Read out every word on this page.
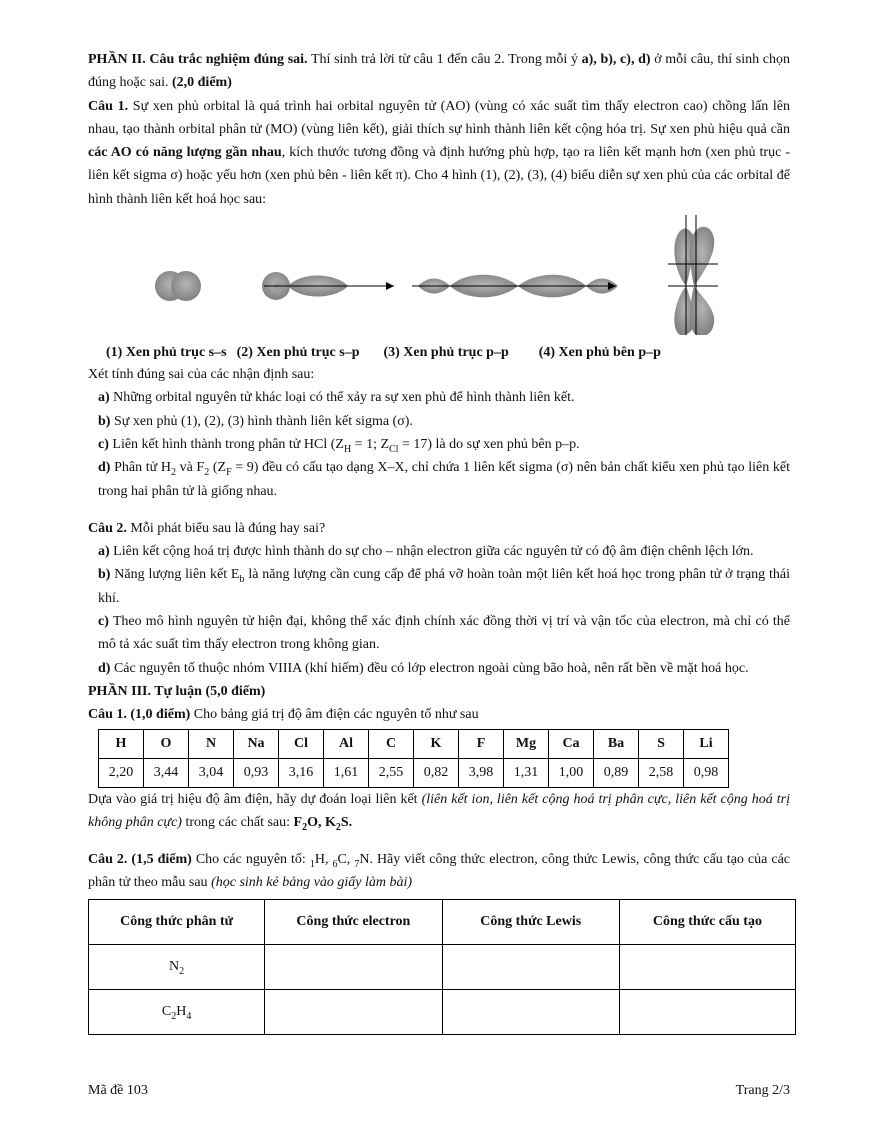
PHẦN II. Câu trắc nghiệm đúng sai. Thí sinh trả lời từ câu 1 đến câu 2. Trong mỗi ý a), b), c), d) ở mỗi câu, thí sinh chọn đúng hoặc sai. (2,0 điểm)

Câu 1. Sự xen phủ orbital là quá trình hai orbital nguyên tử (AO) (vùng có xác suất tìm thấy electron cao) chồng lấn lên nhau, tạo thành orbital phân tử (MO) (vùng liên kết), giải thích sự hình thành liên kết cộng hóa trị. Sự xen phủ hiệu quả cần các AO có năng lượng gần nhau, kích thước tương đồng và định hướng phù hợp, tạo ra liên kết mạnh hơn (xen phủ trục - liên kết sigma σ) hoặc yếu hơn (xen phủ bên - liên kết π). Cho 4 hình (1), (2), (3), (4) biểu diễn sự xen phủ của các orbital để hình thành liên kết hoá học sau:

(1) Xen phủ trục s–s (2) Xen phủ trục s–p (3) Xen phủ trục p–p (4) Xen phủ bên p–p

Xét tính đúng sai của các nhận định sau:

a) Những orbital nguyên tử khác loại có thể xảy ra sự xen phủ để hình thành liên kết.

b) Sự xen phủ (1), (2), (3) hình thành liên kết sigma (σ).

c) Liên kết hình thành trong phân tử HCl ($Z_H = 1$; $Z_{Cl} = 17$) là do sự xen phủ bên p–p.

d) Phân tử $H_2$ và $F_2$ $(Z_F = 9)$ đều có cấu tạo dạng X–X, chỉ chứa 1 liên kết sigma (σ) nên bản chất kiểu xen phủ tạo liên kết trong hai phân tử là giống nhau.

Câu 2. Mỗi phát biểu sau là đúng hay sai?

a) Liên kết cộng hoá trị được hình thành do sự cho – nhận electron giữa các nguyên tử có độ âm điện chênh lệch lớn.

b) Năng lượng liên kết $E_b$ là năng lượng cần cung cấp để phá vỡ hoàn toàn một liên kết hoá học trong phân tử ở trạng thái khí.

c) Theo mô hình nguyên tử hiện đại, không thể xác định chính xác đồng thời vị trí và vận tốc của electron, mà chỉ có thể mô tả xác suất tìm thấy electron trong không gian.

d) Các nguyên tố thuộc nhóm VIIIA (khí hiếm) đều có lớp electron ngoài cùng bão hoà, nên rất bền về mặt hoá học.

PHẦN III. Tự luận (5,0 điểm)

Câu 1. (1,0 điểm) Cho bảng giá trị độ âm điện các nguyên tố như sau

H	O	N	Na	Cl	Al	C	K	F	Mg	Ca	Ba	S	Li
2,20	3,44	3,04	0,93	3,16	1,61	2,55	0,82	3,98	1,31	1,00	0,89	2,58	0,98

Dựa vào giá trị hiệu độ âm điện, hãy dự đoán loại liên kết (liên kết ion, liên kết cộng hoá trị phân cực, liên kết cộng hoá trị không phân cực) trong các chất sau: $F_2O$, $K_2S$.

Câu 2. (1,5 điểm) Cho các nguyên tố: $_1$H, $_6$C, $_7$N. Hãy viết công thức electron, công thức Lewis, công thức cấu tạo của các phân tử theo mẫu sau (học sinh kẻ bảng vào giấy làm bài)

Công thức phân tử	Công thức electron	Công thức Lewis	Công thức cấu tạo
$N_2$			
$C_2H_4$			
Mã đề 103	Trang 2/3
